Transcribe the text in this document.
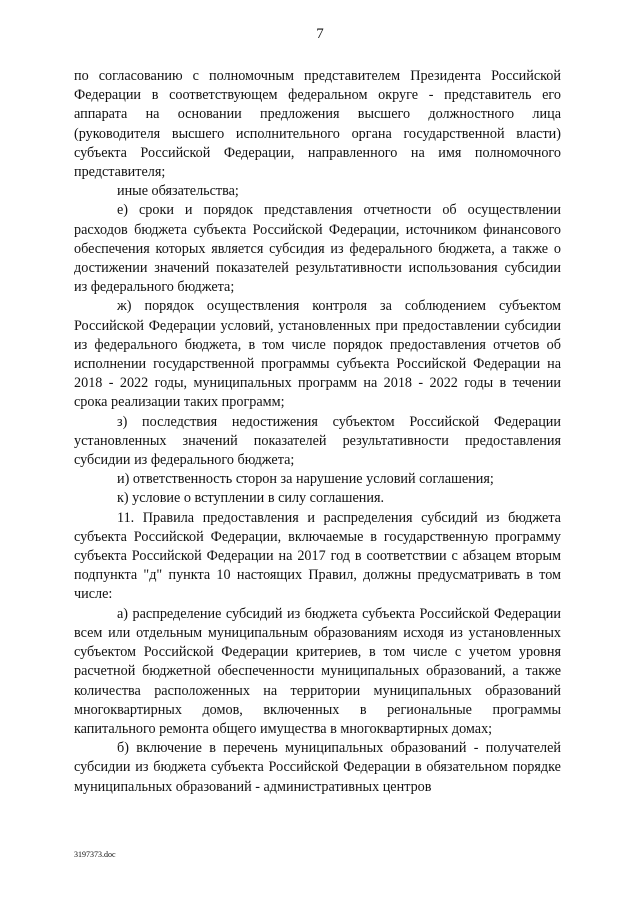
7

по согласованию с полномочным представителем Президента Российской Федерации в соответствующем федеральном округе - представитель его аппарата на основании предложения высшего должностного лица (руководителя высшего исполнительного органа государственной власти) субъекта Российской Федерации, направленного на имя полномочного представителя;

иные обязательства;

е) сроки и порядок представления отчетности об осуществлении расходов бюджета субъекта Российской Федерации, источником финансового обеспечения которых является субсидия из федерального бюджета, а также о достижении значений показателей результативности использования субсидии из федерального бюджета;

ж) порядок осуществления контроля за соблюдением субъектом Российской Федерации условий, установленных при предоставлении субсидии из федерального бюджета, в том числе порядок предоставления отчетов об исполнении государственной программы субъекта Российской Федерации на 2018 - 2022 годы, муниципальных программ на 2018 - 2022 годы в течении срока реализации таких программ;

з) последствия недостижения субъектом Российской Федерации установленных значений показателей результативности предоставления субсидии из федерального бюджета;

и) ответственность сторон за нарушение условий соглашения;

к) условие о вступлении в силу соглашения.

11. Правила предоставления и распределения субсидий из бюджета субъекта Российской Федерации, включаемые в государственную программу субъекта Российской Федерации на 2017 год в соответствии с абзацем вторым подпункта "д" пункта 10 настоящих Правил, должны предусматривать в том числе:

а) распределение субсидий из бюджета субъекта Российской Федерации всем или отдельным муниципальным образованиям исходя из установленных субъектом Российской Федерации критериев, в том числе с учетом уровня расчетной бюджетной обеспеченности муниципальных образований, а также количества расположенных на территории муниципальных образований многоквартирных домов, включенных в региональные программы капитального ремонта общего имущества в многоквартирных домах;

б) включение в перечень муниципальных образований - получателей субсидии из бюджета субъекта Российской Федерации в обязательном порядке муниципальных образований - административных центров

3197373.doc
